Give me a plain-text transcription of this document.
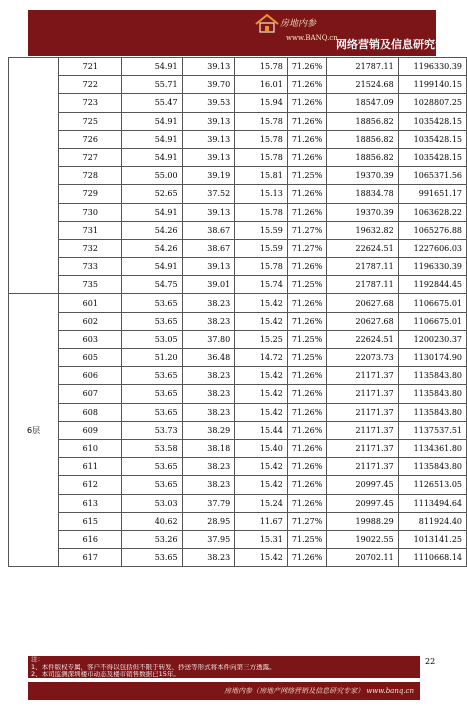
房地内参
www.BANQ.cn
网络营销及信息研究专家
	721	54.91	39.13	15.78	71.26%	21787.11	1196330.39
	722	55.71	39.70	16.01	71.26%	21524.68	1199140.15
	723	55.47	39.53	15.94	71.26%	18547.09	1028807.25
	725	54.91	39.13	15.78	71.26%	18856.82	1035428.15
	726	54.91	39.13	15.78	71.26%	18856.82	1035428.15
	727	54.91	39.13	15.78	71.26%	18856.82	1035428.15
	728	55.00	39.19	15.81	71.25%	19370.39	1065371.56
	729	52.65	37.52	15.13	71.26%	18834.78	991651.17
	730	54.91	39.13	15.78	71.26%	19370.39	1063628.22
	731	54.26	38.67	15.59	71.27%	19632.82	1065276.88
	732	54.26	38.67	15.59	71.27%	22624.51	1227606.03
	733	54.91	39.13	15.78	71.26%	21787.11	1196330.39
	735	54.75	39.01	15.74	71.25%	21787.11	1192844.45
6层	601	53.65	38.23	15.42	71.26%	20627.68	1106675.01
	602	53.65	38.23	15.42	71.26%	20627.68	1106675.01
	603	53.05	37.80	15.25	71.25%	22624.51	1200230.37
	605	51.20	36.48	14.72	71.25%	22073.73	1130174.90
	606	53.65	38.23	15.42	71.26%	21171.37	1135843.80
	607	53.65	38.23	15.42	71.26%	21171.37	1135843.80
	608	53.65	38.23	15.42	71.26%	21171.37	1135843.80
	609	53.73	38.29	15.44	71.26%	21171.37	1137537.51
	610	53.58	38.18	15.40	71.26%	21171.37	1134361.80
	611	53.65	38.23	15.42	71.26%	21171.37	1135843.80
	612	53.65	38.23	15.42	71.26%	20997.45	1126513.05
	613	53.03	37.79	15.24	71.26%	20997.45	1113494.64
	615	40.62	28.95	11.67	71.27%	19988.29	811924.40
	616	53.26	37.95	15.31	71.25%	19022.55	1013141.25
	617	53.65	38.23	15.42	71.26%	20702.11	1110668.14
22
注：
1、本件版权专属，客户不得以包括但不限于转发、抄送等形式将本件向第三方透露。
2、本司监测深圳楼市动态及楼市销售数据已15年。
房地内参（房地产网络营销及信息研究专家） www.banq.cn
